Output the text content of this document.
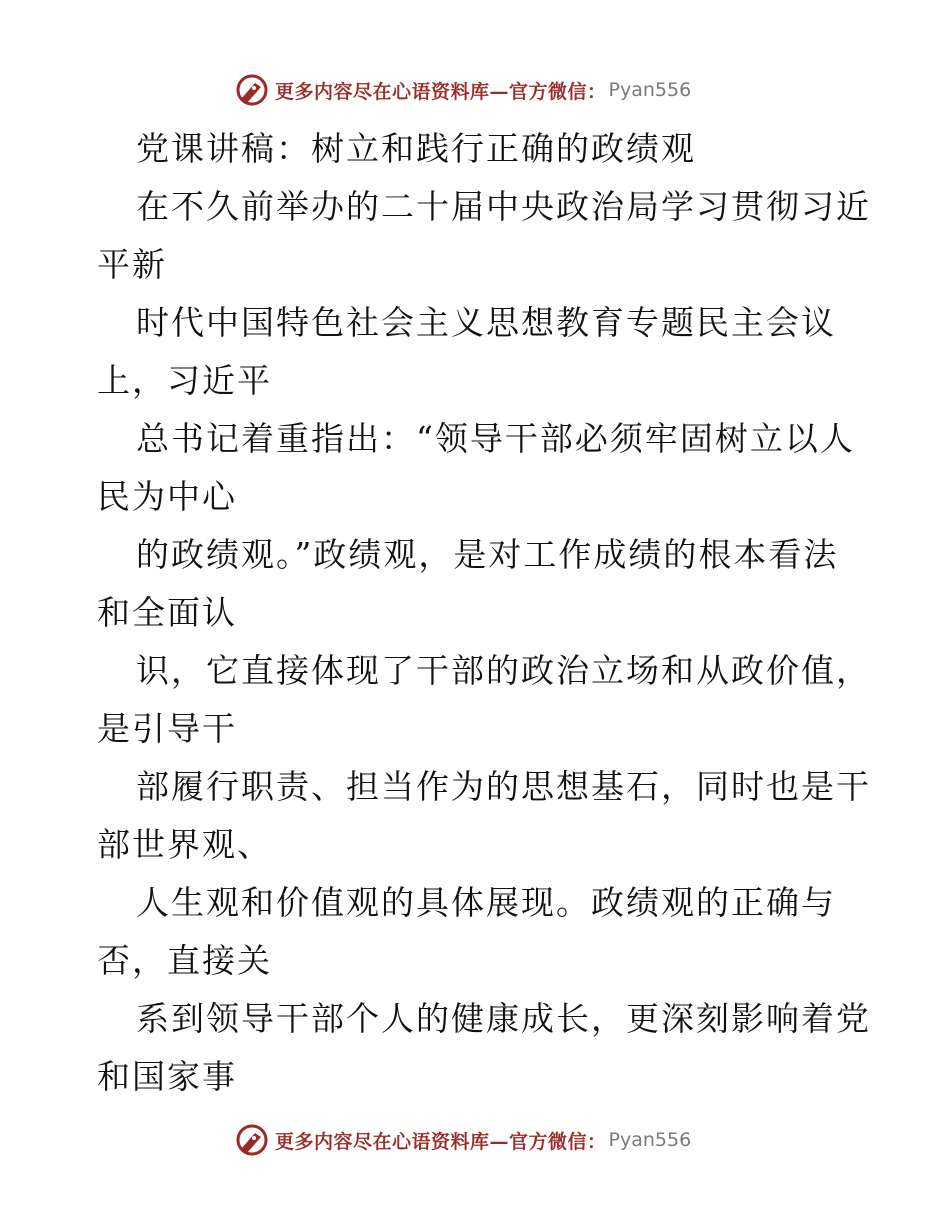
更多内容尽在心语资料库—官方微信： Pyan556
党课讲稿：树立和践行正确的政绩观
在不久前举办的二十届中央政治局学习贯彻习近
平新
时代中国特色社会主义思想教育专题民主会议
上，习近平
总书记着重指出：“领导干部必须牢固树立以人
民为中心
的政绩观。”政绩观，是对工作成绩的根本看法
和全面认
识，它直接体现了干部的政治立场和从政价值，
是引导干
部履行职责、担当作为的思想基石，同时也是干
部世界观、
人生观和价值观的具体展现。政绩观的正确与
否，直接关
系到领导干部个人的健康成长，更深刻影响着党
和国家事
更多内容尽在心语资料库—官方微信： Pyan556
